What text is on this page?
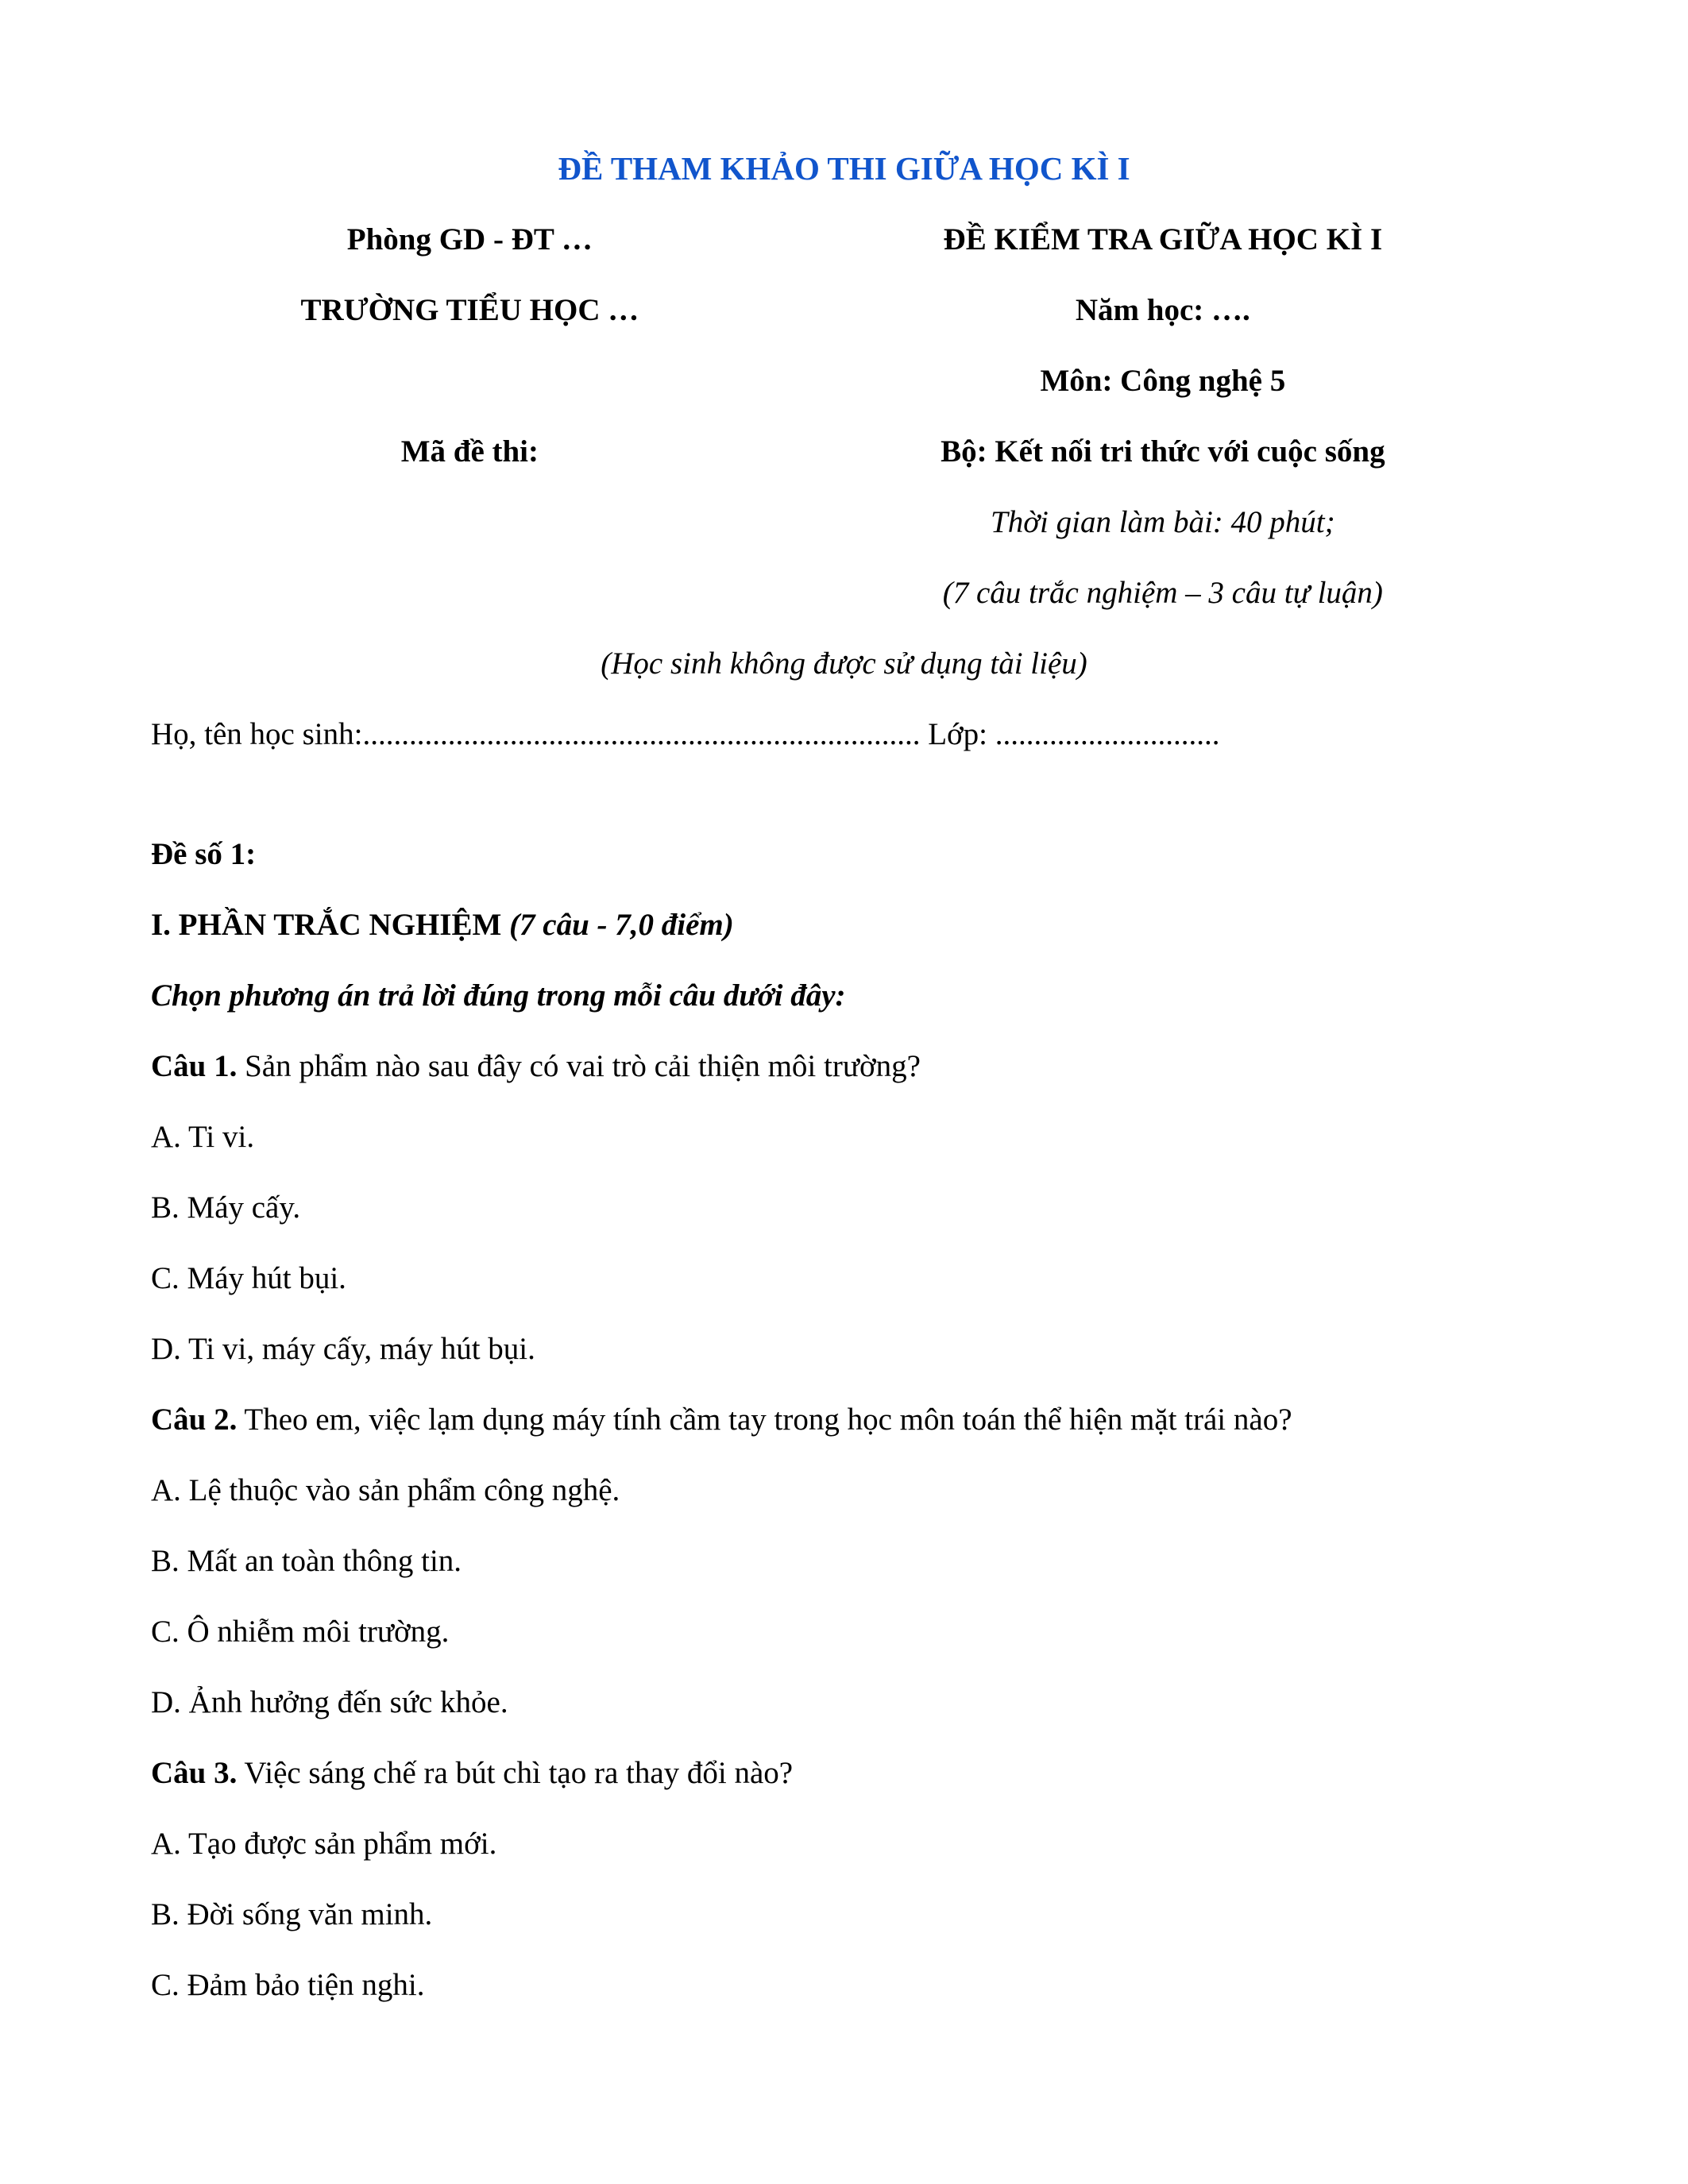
ĐỀ THAM KHẢO THI GIỮA HỌC KÌ I
Phòng GD - ĐT …	ĐỀ KIỂM TRA GIỮA HỌC KÌ I
TRƯỜNG TIỂU HỌC …	Năm học: ….
Môn: Công nghệ 5
Mã đề thi:	Bộ: Kết nối tri thức với cuộc sống
Thời gian làm bài: 40 phút;
(7 câu trắc nghiệm – 3 câu tự luận)
(Học sinh không được sử dụng tài liệu)
Họ, tên học sinh:........................................................................ Lớp: .............................
Đề số 1:
I. PHẦN TRẮC NGHIỆM (7 câu - 7,0 điểm)
Chọn phương án trả lời đúng trong mỗi câu dưới đây:
Câu 1. Sản phẩm nào sau đây có vai trò cải thiện môi trường?
A. Ti vi.
B. Máy cấy.
C. Máy hút bụi.
D. Ti vi, máy cấy, máy hút bụi.
Câu 2. Theo em, việc lạm dụng máy tính cầm tay trong học môn toán thể hiện mặt trái nào?
A. Lệ thuộc vào sản phẩm công nghệ.
B. Mất an toàn thông tin.
C. Ô nhiễm môi trường.
D. Ảnh hưởng đến sức khỏe.
Câu 3. Việc sáng chế ra bút chì tạo ra thay đổi nào?
A. Tạo được sản phẩm mới.
B. Đời sống văn minh.
C. Đảm bảo tiện nghi.
